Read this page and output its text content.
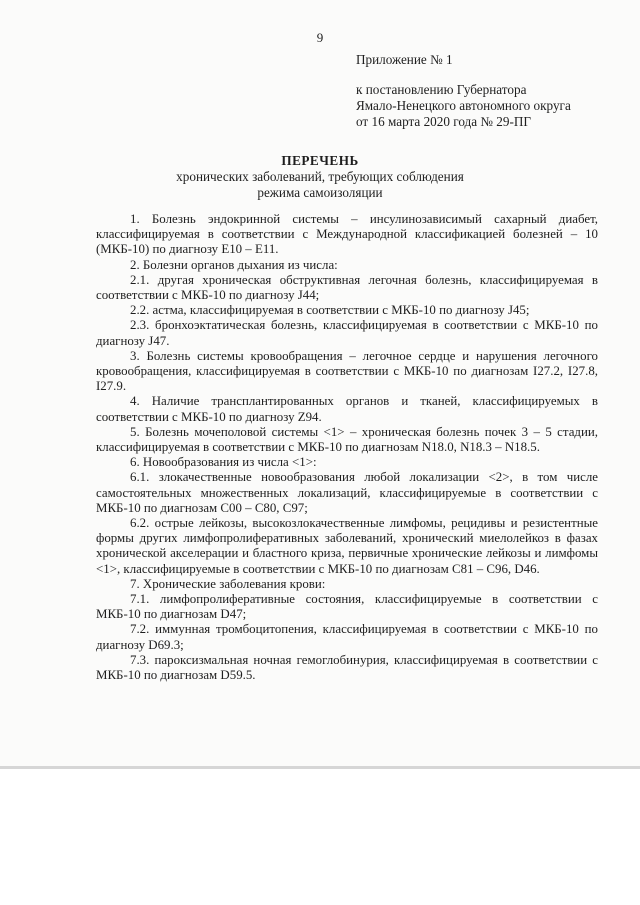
9
Приложение № 1
к постановлению Губернатора
Ямало-Ненецкого автономного округа
от 16 марта 2020 года № 29-ПГ
ПЕРЕЧЕНЬ
хронических заболеваний, требующих соблюдения
режима самоизоляции

1. Болезнь эндокринной системы – инсулинозависимый сахарный диабет, классифицируемая в соответствии с Международной классификацией болезней – 10 (МКБ-10) по диагнозу E10 – E11.

2. Болезни органов дыхания из числа:

2.1. другая хроническая обструктивная легочная болезнь, классифицируемая в соответствии с МКБ-10 по диагнозу J44;

2.2. астма, классифицируемая в соответствии с МКБ-10 по диагнозу J45;

2.3. бронхоэктатическая болезнь, классифицируемая в соответствии с МКБ-10 по диагнозу J47.

3. Болезнь системы кровообращения – легочное сердце и нарушения легочного кровообращения, классифицируемая в соответствии с МКБ-10 по диагнозам I27.2, I27.8, I27.9.

4. Наличие трансплантированных органов и тканей, классифицируемых в соответствии с МКБ-10 по диагнозу Z94.

5. Болезнь мочеполовой системы <1> – хроническая болезнь почек 3 – 5 стадии, классифицируемая в соответствии с МКБ-10 по диагнозам N18.0, N18.3 – N18.5.

6. Новообразования из числа <1>:

6.1. злокачественные новообразования любой локализации <2>, в том числе самостоятельных множественных локализаций, классифицируемые в соответствии с МКБ-10 по диагнозам C00 – C80, C97;

6.2. острые лейкозы, высокозлокачественные лимфомы, рецидивы и резистентные формы других лимфопролиферативных заболеваний, хронический миелолейкоз в фазах хронической акселерации и бластного криза, первичные хронические лейкозы и лимфомы <1>, классифицируемые в соответствии с МКБ-10 по диагнозам C81 – C96, D46.

7. Хронические заболевания крови:

7.1. лимфопролиферативные состояния, классифицируемые в соответствии с МКБ-10 по диагнозам D47;

7.2. иммунная тромбоцитопения, классифицируемая в соответствии с МКБ-10 по диагнозу D69.3;

7.3. пароксизмальная ночная гемоглобинурия, классифицируемая в соответствии с МКБ-10 по диагнозам D59.5.
